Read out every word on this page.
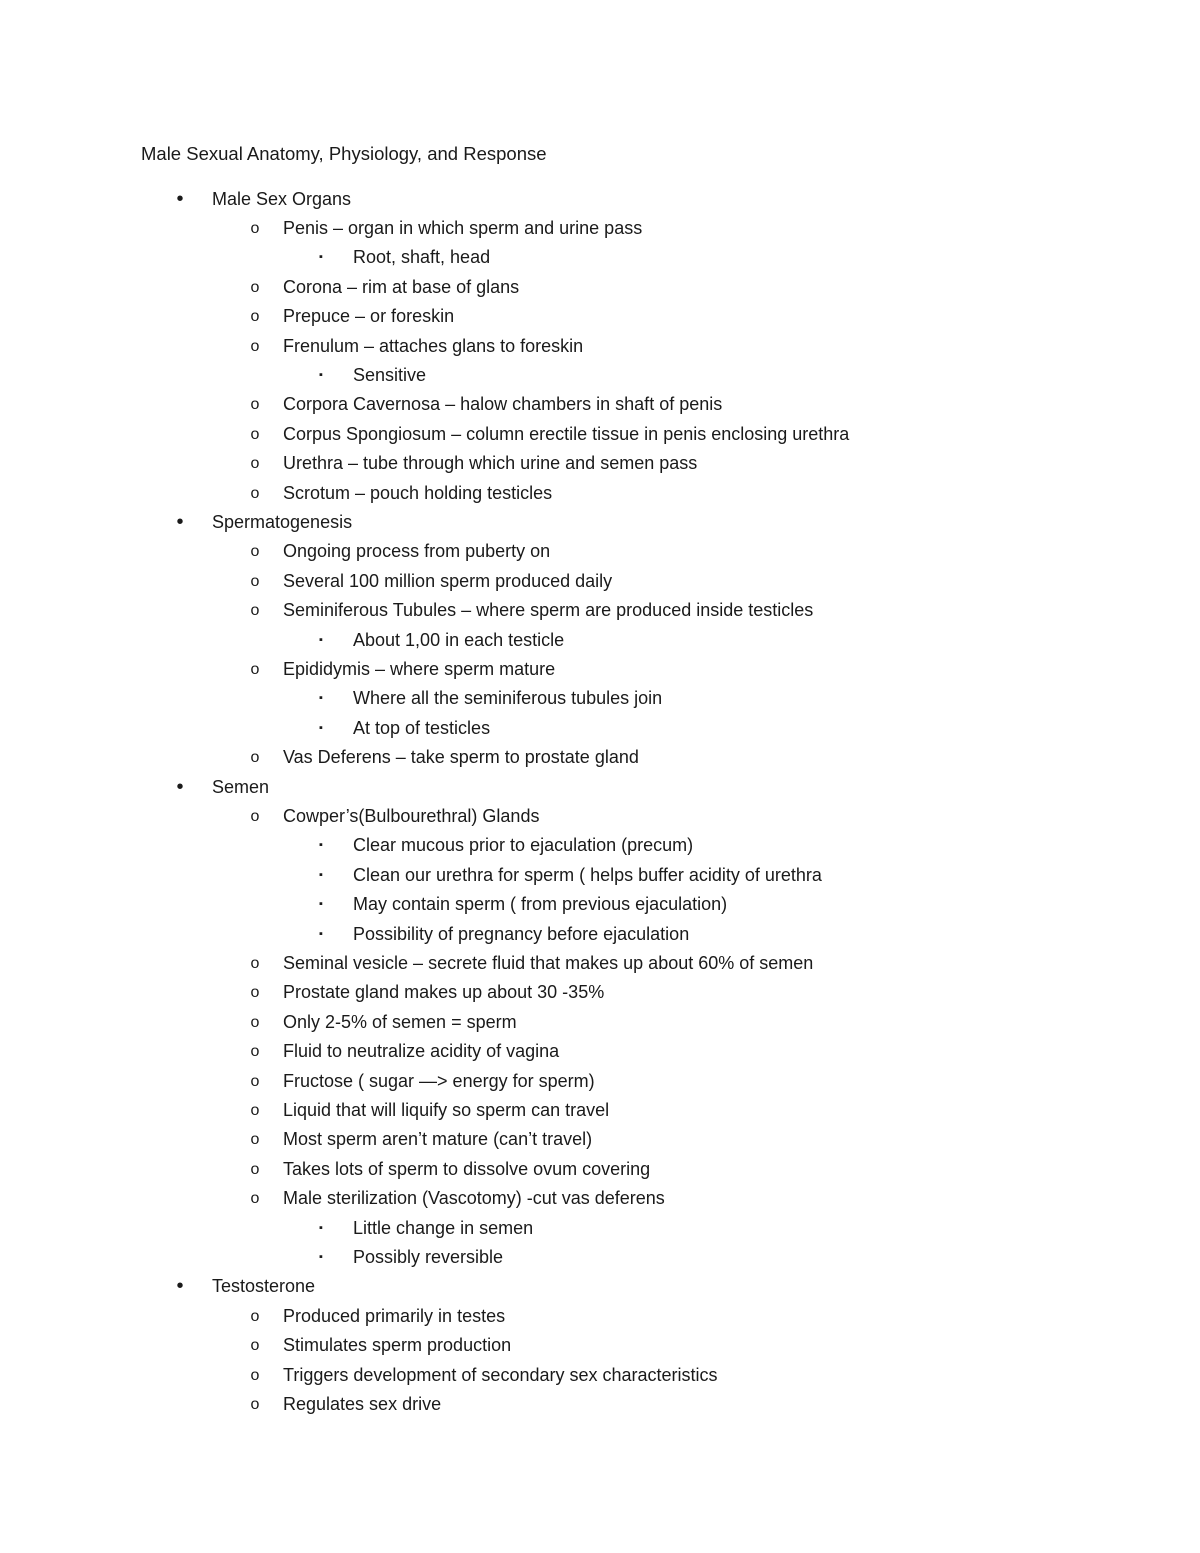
Male Sexual Anatomy, Physiology, and Response
• Male Sex Organs
o Penis – organ in which sperm and urine pass
▪	Root, shaft, head
o Corona – rim at base of glans
o Prepuce – or foreskin
o Frenulum – attaches glans to foreskin
▪	Sensitive
o Corpora Cavernosa – halow chambers in shaft of penis
o Corpus Spongiosum – column erectile tissue in penis enclosing urethra
o Urethra – tube through which urine and semen pass
o Scrotum – pouch holding testicles
• Spermatogenesis
o Ongoing process from puberty on
o Several 100 million sperm produced daily
o Seminiferous Tubules – where sperm are produced inside testicles
▪	About 1,00 in each testicle
o Epididymis – where sperm mature
▪	Where all the seminiferous tubules join
▪	At top of testicles
o Vas Deferens – take sperm to prostate gland
• Semen
o Cowper’s(Bulbourethral) Glands
▪	Clear mucous prior to ejaculation (precum)
▪	Clean our urethra for sperm ( helps buffer acidity of urethra
▪	May contain sperm ( from previous ejaculation)
▪	Possibility of pregnancy before ejaculation
o Seminal vesicle – secrete fluid that makes up about 60% of semen
o Prostate gland makes up about 30 -35%
o Only 2-5% of semen = sperm
o Fluid to neutralize acidity of vagina
o Fructose ( sugar —> energy for sperm)
o Liquid that will liquify so sperm can travel
o Most sperm aren’t mature (can’t travel)
o Takes lots of sperm to dissolve ovum covering
o Male sterilization (Vascotomy) -cut vas deferens
▪	Little change in semen
▪	Possibly reversible
• Testosterone
o Produced primarily in testes
o Stimulates sperm production
o Triggers development of secondary sex characteristics
o Regulates sex drive
